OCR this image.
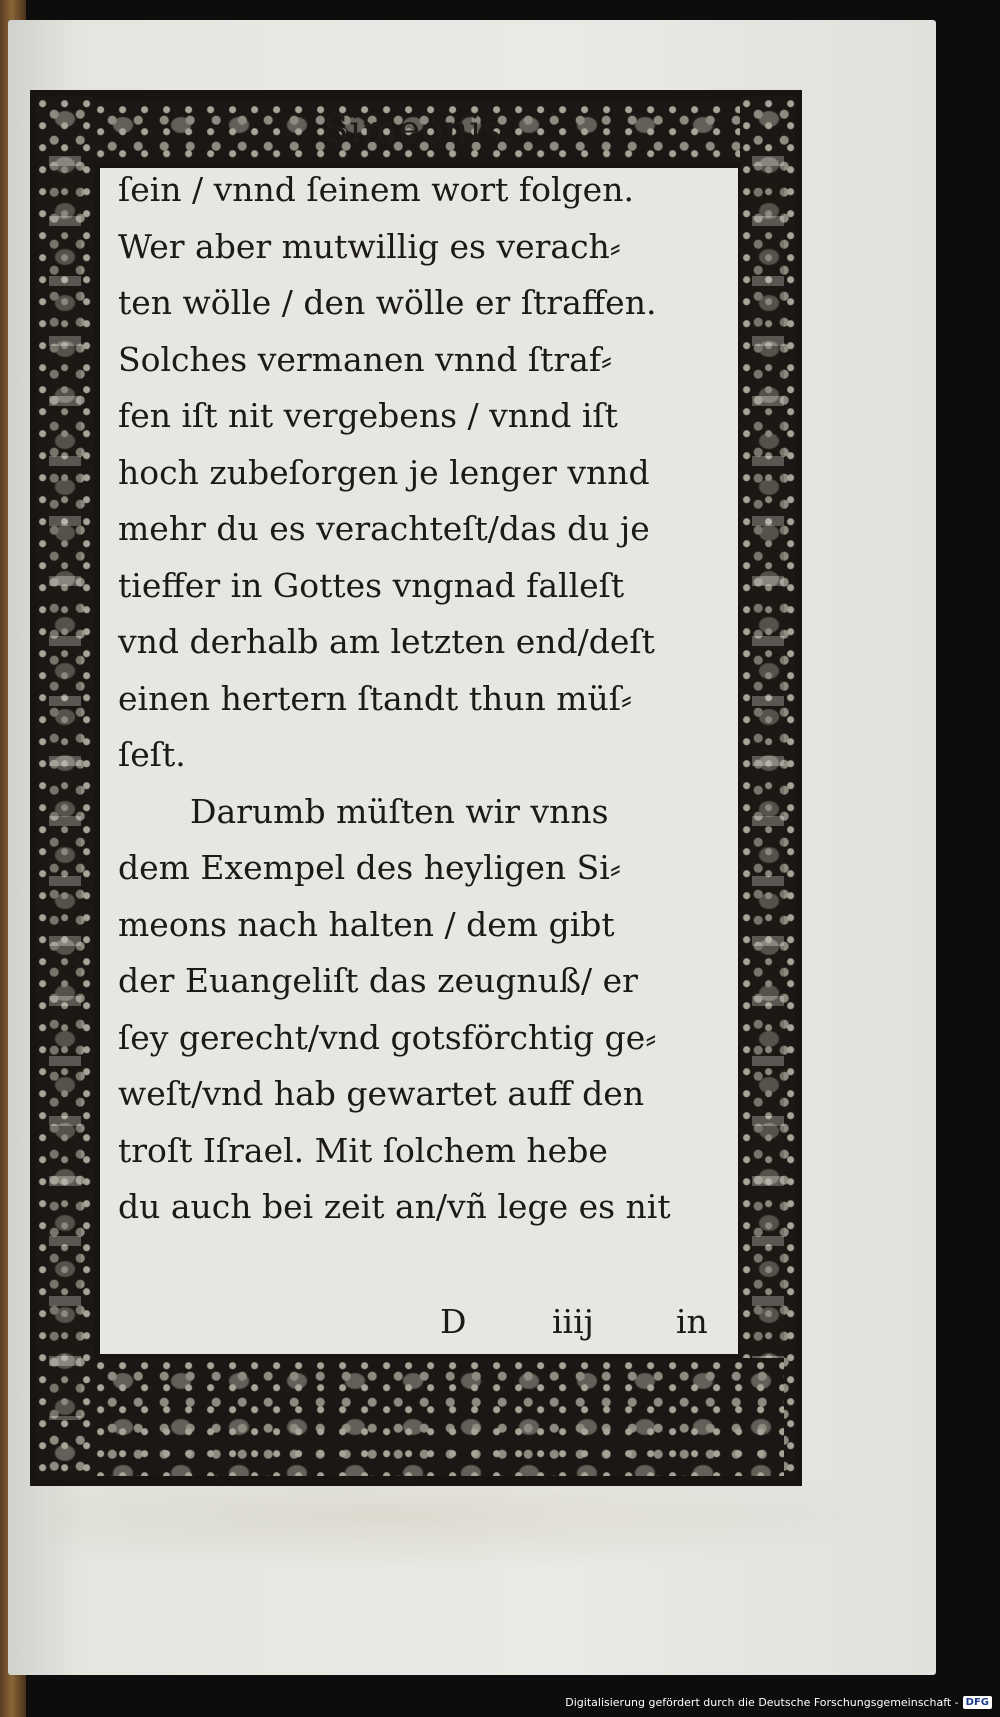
Simeonis.
ſein / vnnd ſeinem wort folgen.
Wer aber mutwillig es verach⸗
ten wölle / den wölle er ſtraffen.
Solches vermanen vnnd ſtraf⸗
fen iſt nit vergebens / vnnd iſt
hoch zubeſorgen je lenger vnnd
mehr du es verachteſt/das du je
tieffer in Gottes vngnad falleſt
vnd derhalb am letzten end/deſt
einen hertern ſtandt thun müſ⸗
ſeſt.
Darumb müſten wir vnns
dem Exempel des heyligen Si⸗
meons nach halten / dem gibt
der Euangeliſt das zeugnuß/ er
ſey gerecht/vnd gotsförchtig ge⸗
weſt/vnd hab gewartet auff den
troſt Iſrael. Mit ſolchem hebe
du auch bei zeit an/vñ lege es nit
D	iiij in
Digitalisierung gefördert durch die Deutsche Forschungsgemeinschaft - DFG
